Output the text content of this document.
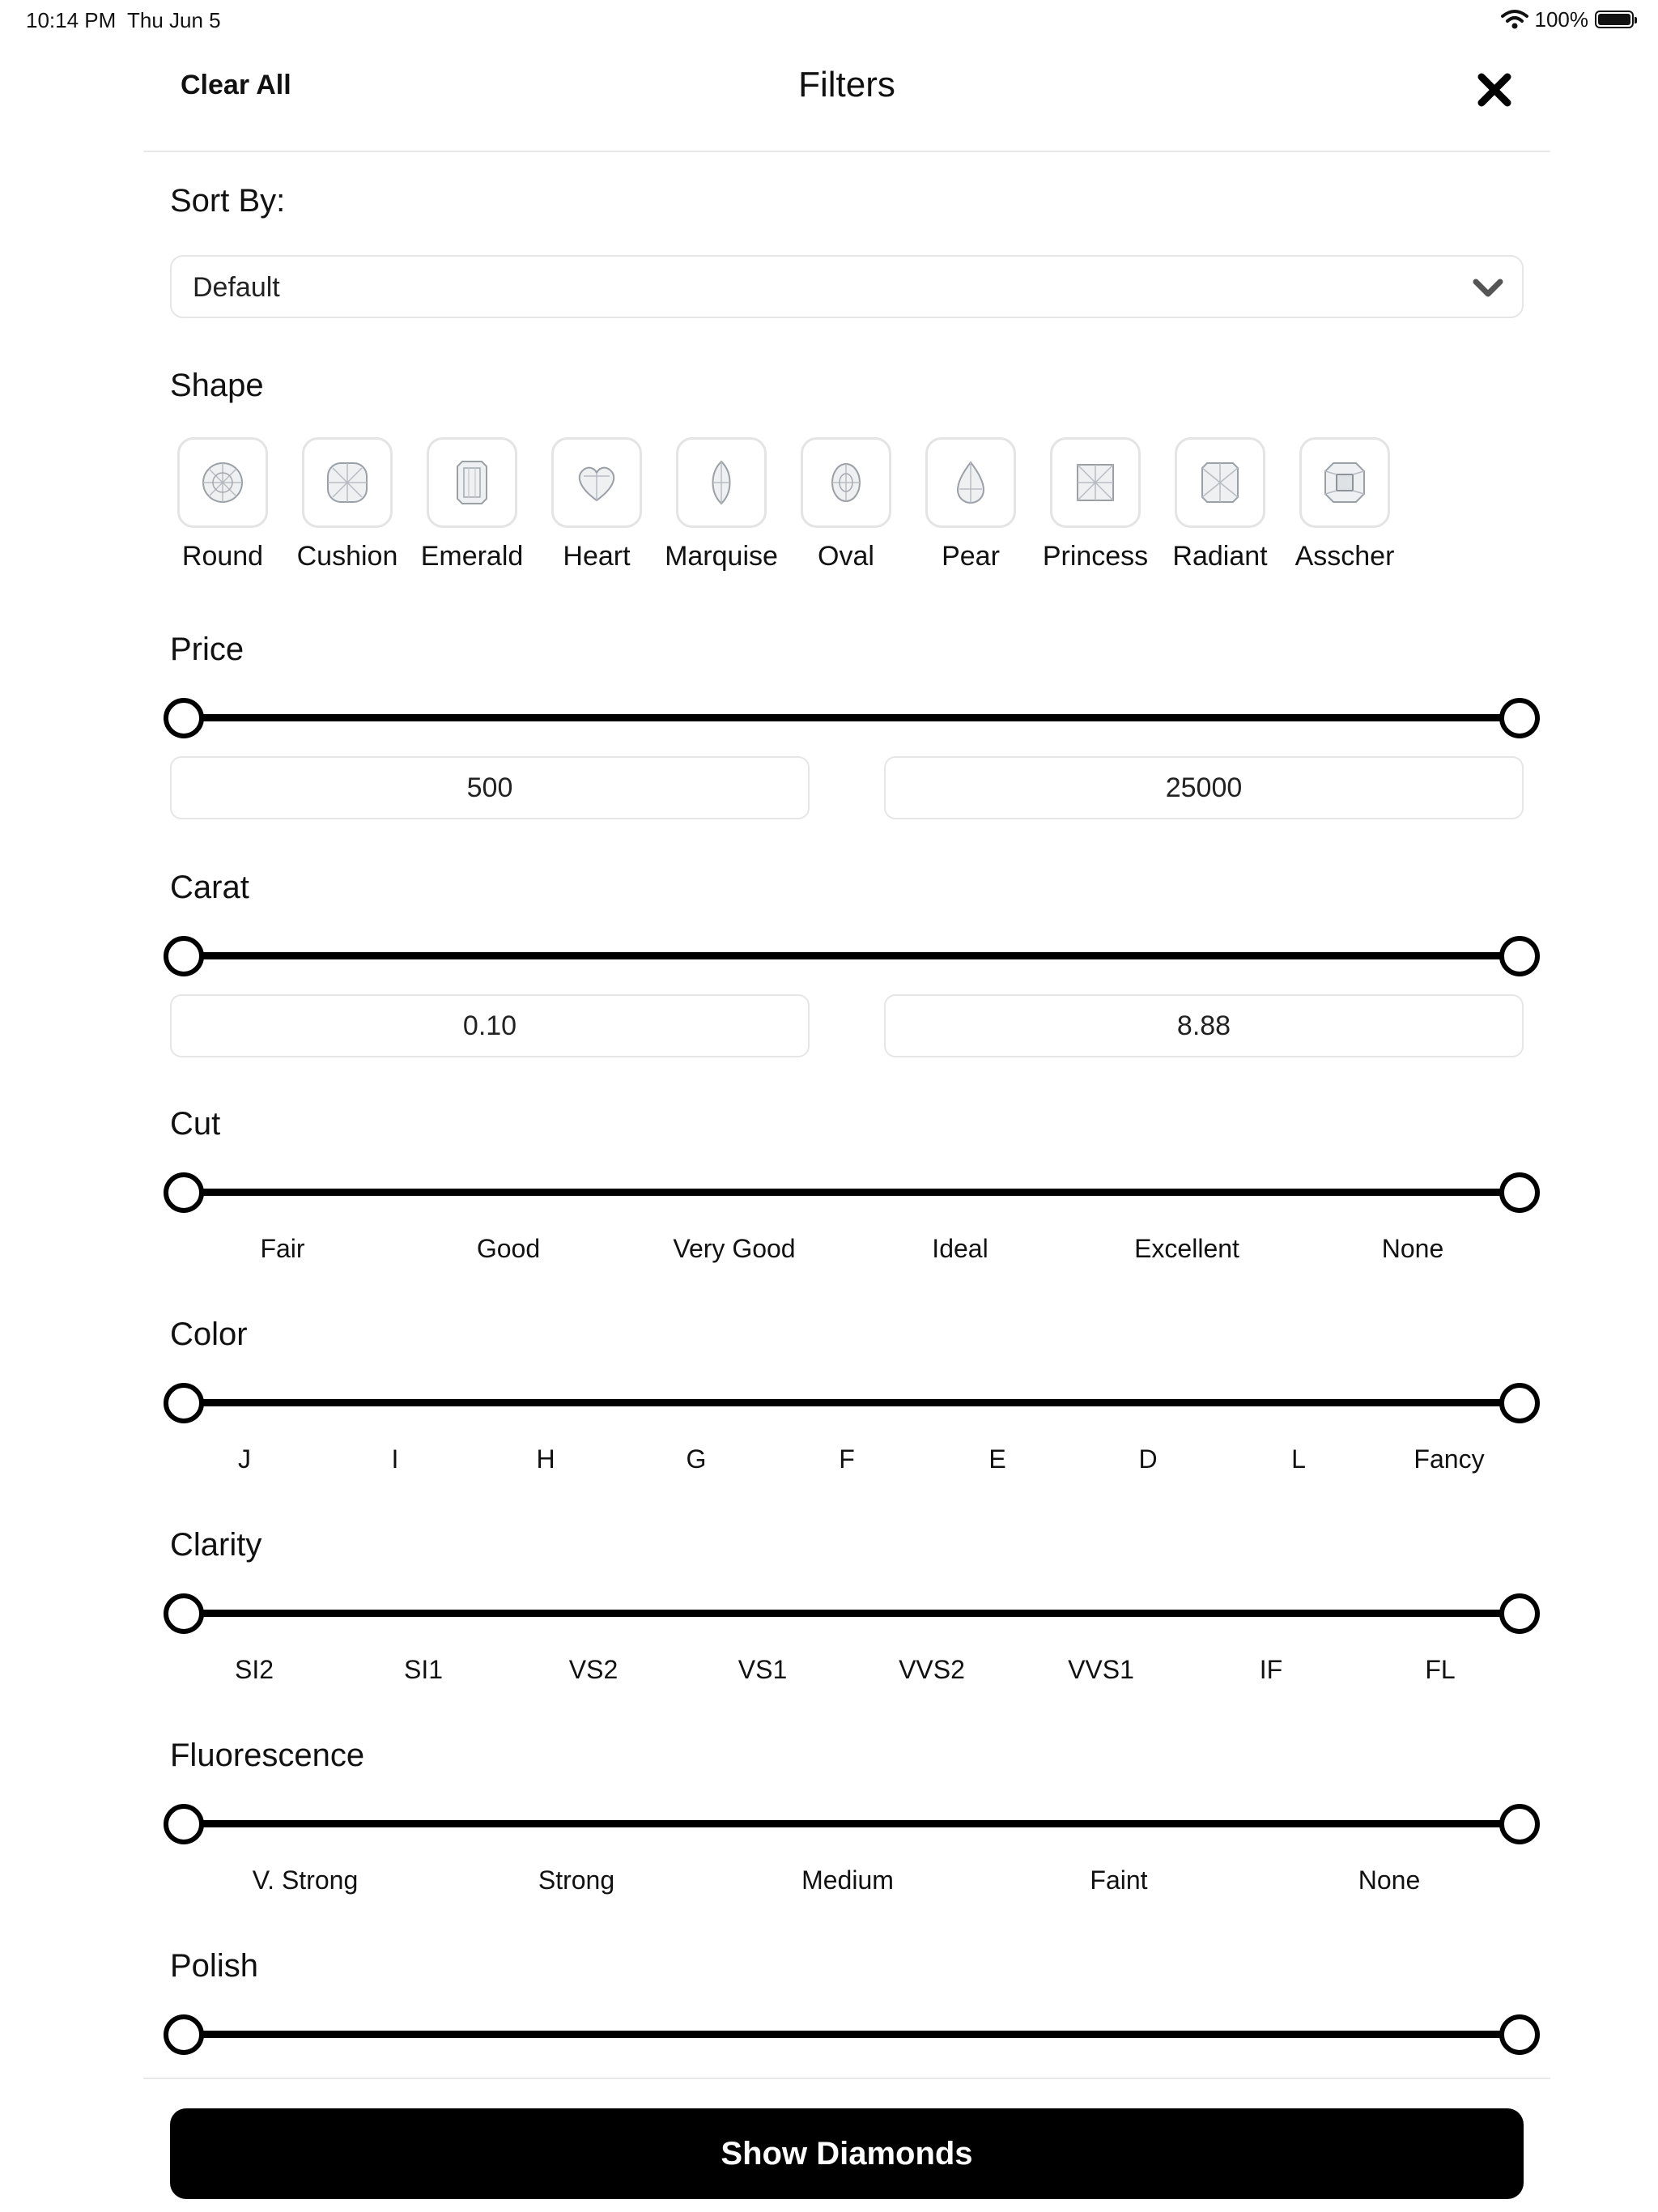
10:14 PM Thu Jun 5	100%
Clear All	Filters
Sort By:
Default
Shape
Round	Cushion Emerald	Heart	Marquise	Oval	Pear	Princess Radiant Asscher
Price
500	25000
Carat
0.10	8.88
Cut
Fair	Good	Very Good	Ideal	Excellent	None
Color
J	I	H	G	F	E	D	L	Fancy
Clarity
SI2	SI1	VS2	VS1	VVS2	VVS1	IF	FL
Fluorescence
V. Strong	Strong	Medium	Faint	None
Polish
Show Diamonds
